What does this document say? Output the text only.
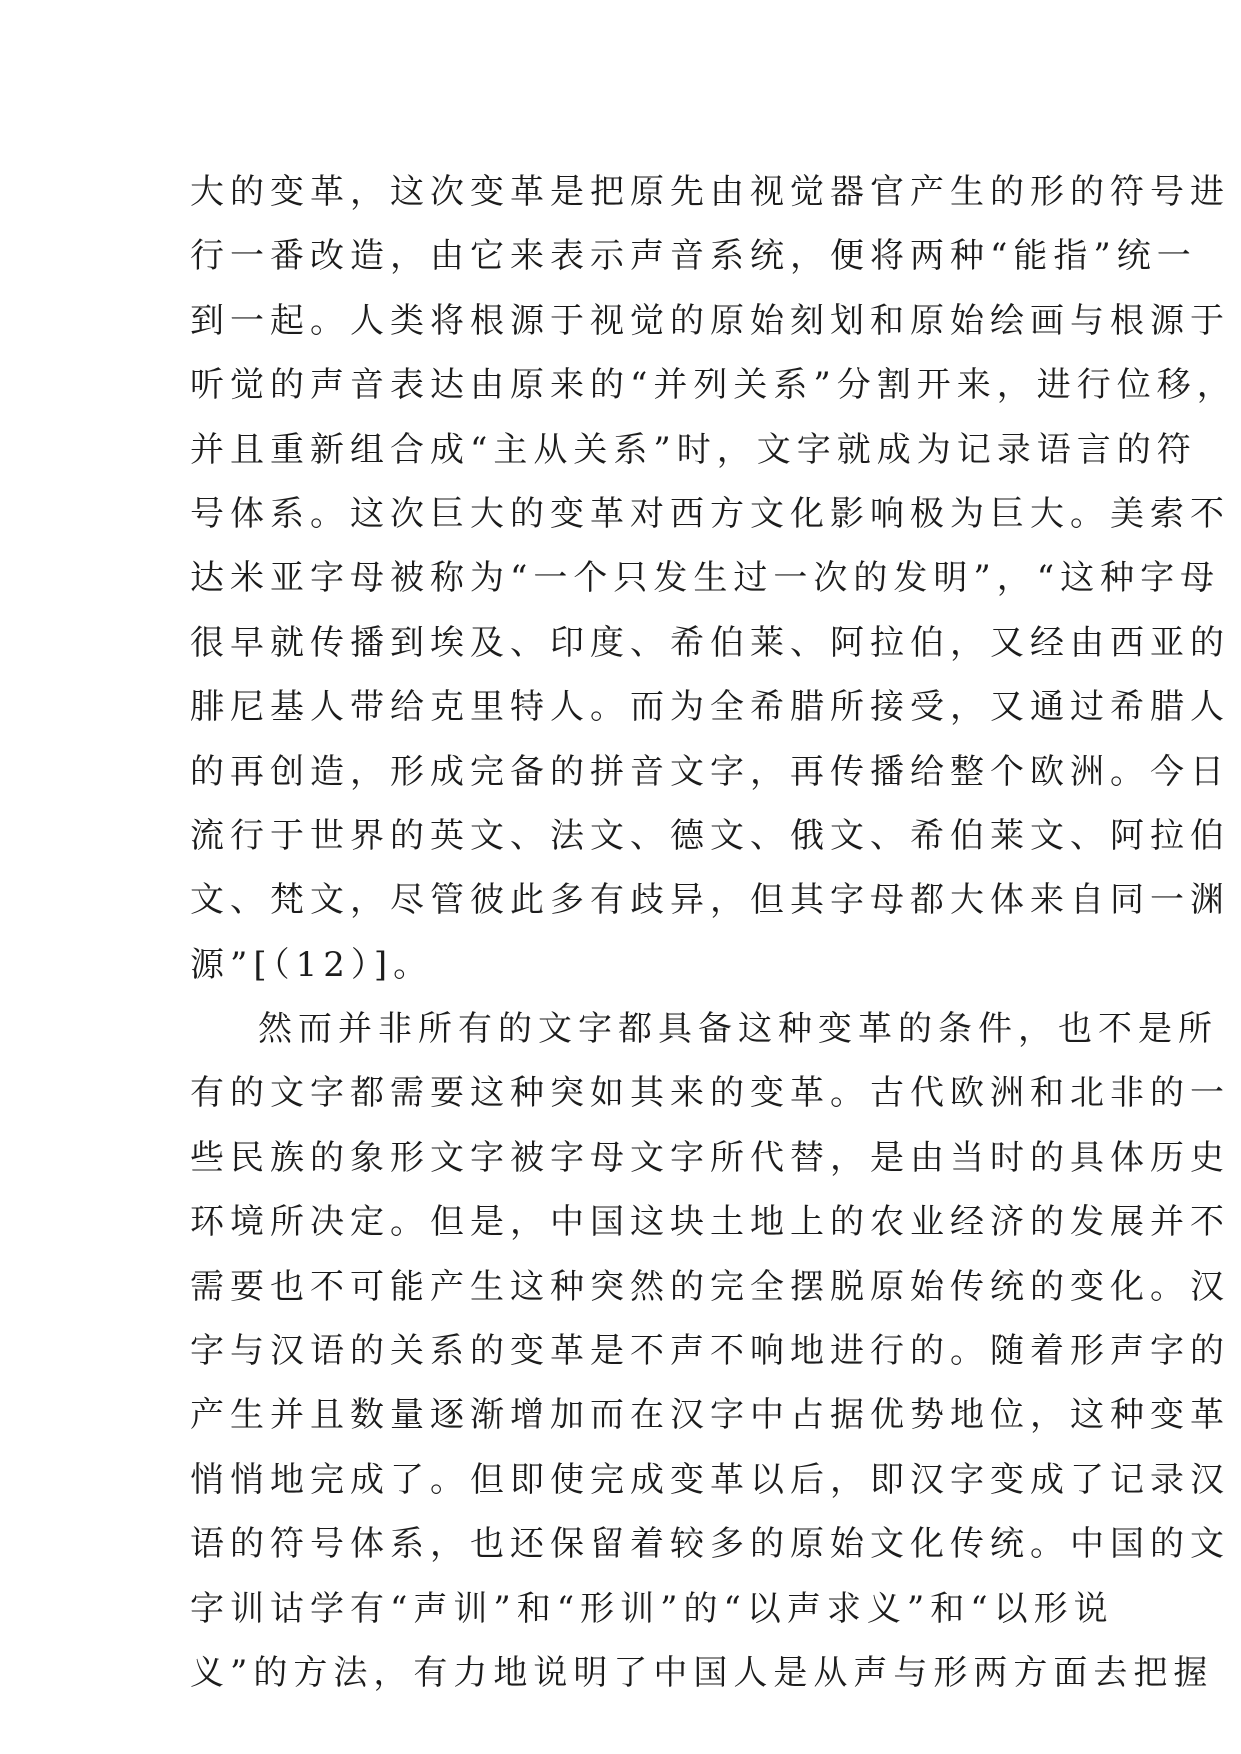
大的变革，这次变革是把原先由视觉器官产生的形的符号进
行一番改造，由它来表示声音系统，便将两种“能指”统一
到一起。人类将根源于视觉的原始刻划和原始绘画与根源于
听觉的声音表达由原来的“并列关系”分割开来，进行位移，
并且重新组合成“主从关系”时，文字就成为记录语言的符
号体系。这次巨大的变革对西方文化影响极为巨大。美索不
达米亚字母被称为“一个只发生过一次的发明”，“这种字母
很早就传播到埃及、印度、希伯莱、阿拉伯，又经由西亚的
腓尼基人带给克里特人。而为全希腊所接受，又通过希腊人
的再创造，形成完备的拼音文字，再传播给整个欧洲。今日
流行于世界的英文、法文、德文、俄文、希伯莱文、阿拉伯
文、梵文，尽管彼此多有歧异，但其字母都大体来自同一渊
源”[（12）]。
然而并非所有的文字都具备这种变革的条件，也不是所
有的文字都需要这种突如其来的变革。古代欧洲和北非的一
些民族的象形文字被字母文字所代替，是由当时的具体历史
环境所决定。但是，中国这块土地上的农业经济的发展并不
需要也不可能产生这种突然的完全摆脱原始传统的变化。汉
字与汉语的关系的变革是不声不响地进行的。随着形声字的
产生并且数量逐渐增加而在汉字中占据优势地位，这种变革
悄悄地完成了。但即使完成变革以后，即汉字变成了记录汉
语的符号体系，也还保留着较多的原始文化传统。中国的文
字训诂学有“声训”和“形训”的“以声求义”和“以形说
义”的方法，有力地说明了中国人是从声与形两方面去把握
